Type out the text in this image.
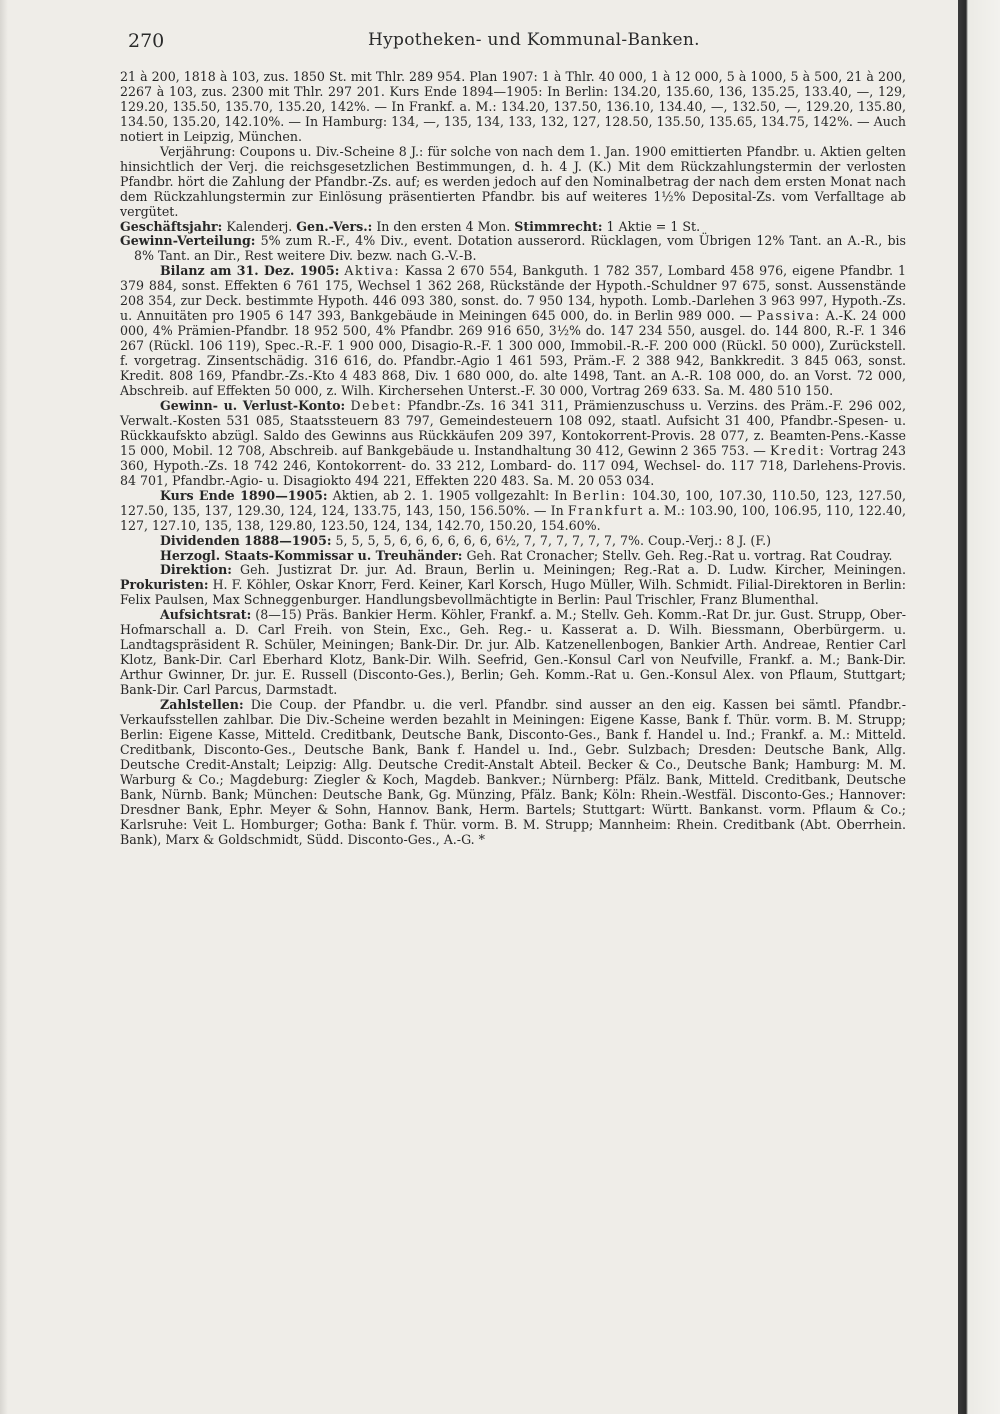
270	Hypotheken- und Kommunal-Banken.

21 à 200, 1818 à 103, zus. 1850 St. mit Thlr. 289 954. Plan 1907: 1 à Thlr. 40 000, 1 à 12 000, 5 à 1000, 5 à 500, 21 à 200, 2267 à 103, zus. 2300 mit Thlr. 297 201. Kurs Ende 1894—1905: In Berlin: 134.20, 135.60, 136, 135.25, 133.40, —, 129, 129.20, 135.50, 135.70, 135.20, 142%. — In Frankf. a. M.: 134.20, 137.50, 136.10, 134.40, —, 132.50, —, 129.20, 135.80, 134.50, 135.20, 142.10%. — In Hamburg: 134, —, 135, 134, 133, 132, 127, 128.50, 135.50, 135.65, 134.75, 142%. — Auch notiert in Leipzig, München.

Verjährung: Coupons u. Div.-Scheine 8 J.: für solche von nach dem 1. Jan. 1900 emittierten Pfandbr. u. Aktien gelten hinsichtlich der Verj. die reichsgesetzlichen Bestimmungen, d. h. 4 J. (K.) Mit dem Rückzahlungstermin der verlosten Pfandbr. hört die Zahlung der Pfandbr.-Zs. auf; es werden jedoch auf den Nominalbetrag der nach dem ersten Monat nach dem Rückzahlungstermin zur Einlösung präsentierten Pfandbr. bis auf weiteres 1½% Deposital-Zs. vom Verfalltage ab vergütet.

Geschäftsjahr: Kalenderj. Gen.-Vers.: In den ersten 4 Mon. Stimmrecht: 1 Aktie = 1 St.

Gewinn-Verteilung: 5% zum R.-F., 4% Div., event. Dotation ausserord. Rücklagen, vom Übrigen 12% Tant. an A.-R., bis 8% Tant. an Dir., Rest weitere Div. bezw. nach G.-V.-B.

Bilanz am 31. Dez. 1905: Aktiva: Kassa 2 670 554, Bankguth. 1 782 357, Lombard 458 976, eigene Pfandbr. 1 379 884, sonst. Effekten 6 761 175, Wechsel 1 362 268, Rückstände der Hypoth.-Schuldner 97 675, sonst. Aussenstände 208 354, zur Deck. bestimmte Hypoth. 446 093 380, sonst. do. 7 950 134, hypoth. Lomb.-Darlehen 3 963 997, Hypoth.-Zs. u. Annuitäten pro 1905 6 147 393, Bankgebäude in Meiningen 645 000, do. in Berlin 989 000. — Passiva: A.-K. 24 000 000, 4% Prämien-Pfandbr. 18 952 500, 4% Pfandbr. 269 916 650, 3½% do. 147 234 550, ausgel. do. 144 800, R.-F. 1 346 267 (Rückl. 106 119), Spec.-R.-F. 1 900 000, Disagio-R.-F. 1 300 000, Immobil.-R.-F. 200 000 (Rückl. 50 000), Zurückstell. f. vorgetrag. Zinsentschädig. 316 616, do. Pfandbr.-Agio 1 461 593, Präm.-F. 2 388 942, Bankkredit. 3 845 063, sonst. Kredit. 808 169, Pfandbr.-Zs.-Kto 4 483 868, Div. 1 680 000, do. alte 1498, Tant. an A.-R. 108 000, do. an Vorst. 72 000, Abschreib. auf Effekten 50 000, z. Wilh. Kirchersehen Unterst.-F. 30 000, Vortrag 269 633. Sa. M. 480 510 150.

Gewinn- u. Verlust-Konto: Debet: Pfandbr.-Zs. 16 341 311, Prämienzuschuss u. Verzins. des Präm.-F. 296 002, Verwalt.-Kosten 531 085, Staatssteuern 83 797, Gemeindesteuern 108 092, staatl. Aufsicht 31 400, Pfandbr.-Spesen- u. Rückkaufskto abzügl. Saldo des Gewinns aus Rückkäufen 209 397, Kontokorrent-Provis. 28 077, z. Beamten-Pens.-Kasse 15 000, Mobil. 12 708, Abschreib. auf Bankgebäude u. Instandhaltung 30 412, Gewinn 2 365 753. — Kredit: Vortrag 243 360, Hypoth.-Zs. 18 742 246, Kontokorrent- do. 33 212, Lombard- do. 117 094, Wechsel- do. 117 718, Darlehens-Provis. 84 701, Pfandbr.-Agio- u. Disagiokto 494 221, Effekten 220 483. Sa. M. 20 053 034.

Kurs Ende 1890—1905: Aktien, ab 2. 1. 1905 vollgezahlt: In Berlin: 104.30, 100, 107.30, 110.50, 123, 127.50, 127.50, 135, 137, 129.30, 124, 124, 133.75, 143, 150, 156.50%. — In Frankfurt a. M.: 103.90, 100, 106.95, 110, 122.40, 127, 127.10, 135, 138, 129.80, 123.50, 124, 134, 142.70, 150.20, 154.60%.

Dividenden 1888—1905: 5, 5, 5, 5, 6, 6, 6, 6, 6, 6, 6½, 7, 7, 7, 7, 7, 7, 7%. Coup.-Verj.: 8 J. (F.)

Herzogl. Staats-Kommissar u. Treuhänder: Geh. Rat Cronacher; Stellv. Geh. Reg.-Rat u. vortrag. Rat Coudray.

Direktion: Geh. Justizrat Dr. jur. Ad. Braun, Berlin u. Meiningen; Reg.-Rat a. D. Ludw. Kircher, Meiningen. Prokuristen: H. F. Köhler, Oskar Knorr, Ferd. Keiner, Karl Korsch, Hugo Müller, Wilh. Schmidt. Filial-Direktoren in Berlin: Felix Paulsen, Max Schneggenburger. Handlungsbevollmächtigte in Berlin: Paul Trischler, Franz Blumenthal.

Aufsichtsrat: (8—15) Präs. Bankier Herm. Köhler, Frankf. a. M.; Stellv. Geh. Komm.-Rat Dr. jur. Gust. Strupp, Ober-Hofmarschall a. D. Carl Freih. von Stein, Exc., Geh. Reg.- u. Kasserat a. D. Wilh. Biessmann, Oberbürgerm. u. Landtagspräsident R. Schüler, Meiningen; Bank-Dir. Dr. jur. Alb. Katzenellenbogen, Bankier Arth. Andreae, Rentier Carl Klotz, Bank-Dir. Carl Eberhard Klotz, Bank-Dir. Wilh. Seefrid, Gen.-Konsul Carl von Neufville, Frankf. a. M.; Bank-Dir. Arthur Gwinner, Dr. jur. E. Russell (Disconto-Ges.), Berlin; Geh. Komm.-Rat u. Gen.-Konsul Alex. von Pflaum, Stuttgart; Bank-Dir. Carl Parcus, Darmstadt.

Zahlstellen: Die Coup. der Pfandbr. u. die verl. Pfandbr. sind ausser an den eig. Kassen bei sämtl. Pfandbr.-Verkaufsstellen zahlbar. Die Div.-Scheine werden bezahlt in Meiningen: Eigene Kasse, Bank f. Thür. vorm. B. M. Strupp; Berlin: Eigene Kasse, Mitteld. Creditbank, Deutsche Bank, Disconto-Ges., Bank f. Handel u. Ind.; Frankf. a. M.: Mitteld. Creditbank, Disconto-Ges., Deutsche Bank, Bank f. Handel u. Ind., Gebr. Sulzbach; Dresden: Deutsche Bank, Allg. Deutsche Credit-Anstalt; Leipzig: Allg. Deutsche Credit-Anstalt Abteil. Becker & Co., Deutsche Bank; Hamburg: M. M. Warburg & Co.; Magdeburg: Ziegler & Koch, Magdeb. Bankver.; Nürnberg: Pfälz. Bank, Mitteld. Creditbank, Deutsche Bank, Nürnb. Bank; München: Deutsche Bank, Gg. Münzing, Pfälz. Bank; Köln: Rhein.-Westfäl. Disconto-Ges.; Hannover: Dresdner Bank, Ephr. Meyer & Sohn, Hannov. Bank, Herm. Bartels; Stuttgart: Württ. Bankanst. vorm. Pflaum & Co.; Karlsruhe: Veit L. Homburger; Gotha: Bank f. Thür. vorm. B. M. Strupp; Mannheim: Rhein. Creditbank (Abt. Oberrhein. Bank), Marx & Goldschmidt, Südd. Disconto-Ges., A.-G. *
